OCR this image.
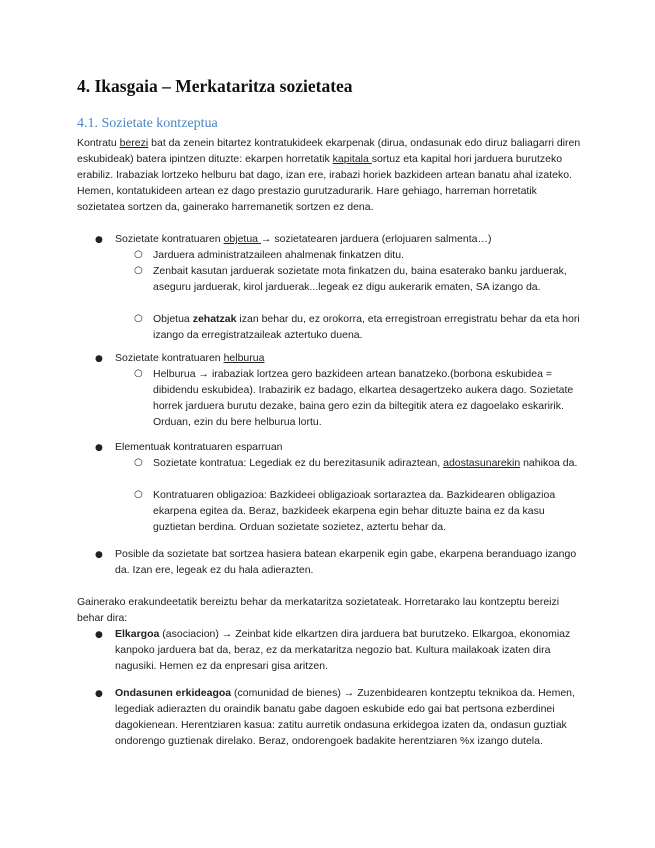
4. Ikasgaia – Merkataritza sozietatea
4.1. Sozietate kontzeptua

Kontratu berezi bat da zenein bitartez kontratukideek ekarpenak (dirua, ondasunak edo diruz baliagarri diren eskubideak) batera ipintzen dituzte: ekarpen horretatik kapitala sortuz eta kapital hori jarduera burutzeko erabiliz. Irabaziak lortzeko helburu bat dago, izan ere, irabazi horiek bazkideen artean banatu ahal izateko. Hemen, kontatukideen artean ez dago prestazio gurutzadurarik. Hare gehiago, harreman horretatik sozietatea sortzen da, gainerako harremanetik sortzen ez dena.

● Sozietate kontratuaren objetua → sozietatearen jarduera (erlojuaren salmenta…)

○ Jarduera administratzaileen ahalmenak finkatzen ditu.

○ Zenbait kasutan jarduerak sozietate mota finkatzen du, baina esaterako banku jarduerak, aseguru jarduerak, kirol jarduerak...legeak ez digu aukerarik ematen, SA izango da.

○ Objetua zehatzak izan behar du, ez orokorra, eta erregistroan erregistratu behar da eta hori izango da erregistratzaileak aztertuko duena.

● Sozietate kontratuaren helburua

○ Helburua → irabaziak lortzea gero bazkideen artean banatzeko.(borbona eskubidea = dibidendu eskubidea). Irabazirik ez badago, elkartea desagertzeko aukera dago. Sozietate horrek jarduera burutu dezake, baina gero ezin da biltegitik atera ez dagoelako eskaririk. Orduan, ezin du bere helburua lortu.

● Elementuak kontratuaren esparruan

○ Sozietate kontratua: Legediak ez du berezitasunik adiraztean, adostasunarekin nahikoa da.

○ Kontratuaren obligazioa: Bazkideei obligazioak sortaraztea da. Bazkidearen obligazioa ekarpena egitea da. Beraz, bazkideek ekarpena egin behar dituzte baina ez da kasu guztietan berdina. Orduan sozietate sozietez, aztertu behar da.

● Posible da sozietate bat sortzea hasiera batean ekarpenik egin gabe, ekarpena beranduago izango da. Izan ere, legeak ez du hala adierazten.

Gainerako erakundeetatik bereiztu behar da merkataritza sozietateak. Horretarako lau kontzeptu bereizi behar dira:

● Elkargoa (asociacion) → Zeinbat kide elkartzen dira jarduera bat burutzeko. Elkargoa, ekonomiaz kanpoko jarduera bat da, beraz, ez da merkataritza negozio bat. Kultura mailakoak izaten dira nagusiki. Hemen ez da enpresari gisa aritzen.

● Ondasunen erkideagoa (comunidad de bienes) → Zuzenbidearen kontzeptu teknikoa da. Hemen, legediak adierazten du oraindik banatu gabe dagoen eskubide edo gai bat pertsona ezberdinei dagokienean. Herentziaren kasua: zatitu aurretik ondasuna erkidegoa izaten da, ondasun guztiak ondorengo guztienak direlako. Beraz, ondorengoek badakite herentziaren %x izango dutela.
